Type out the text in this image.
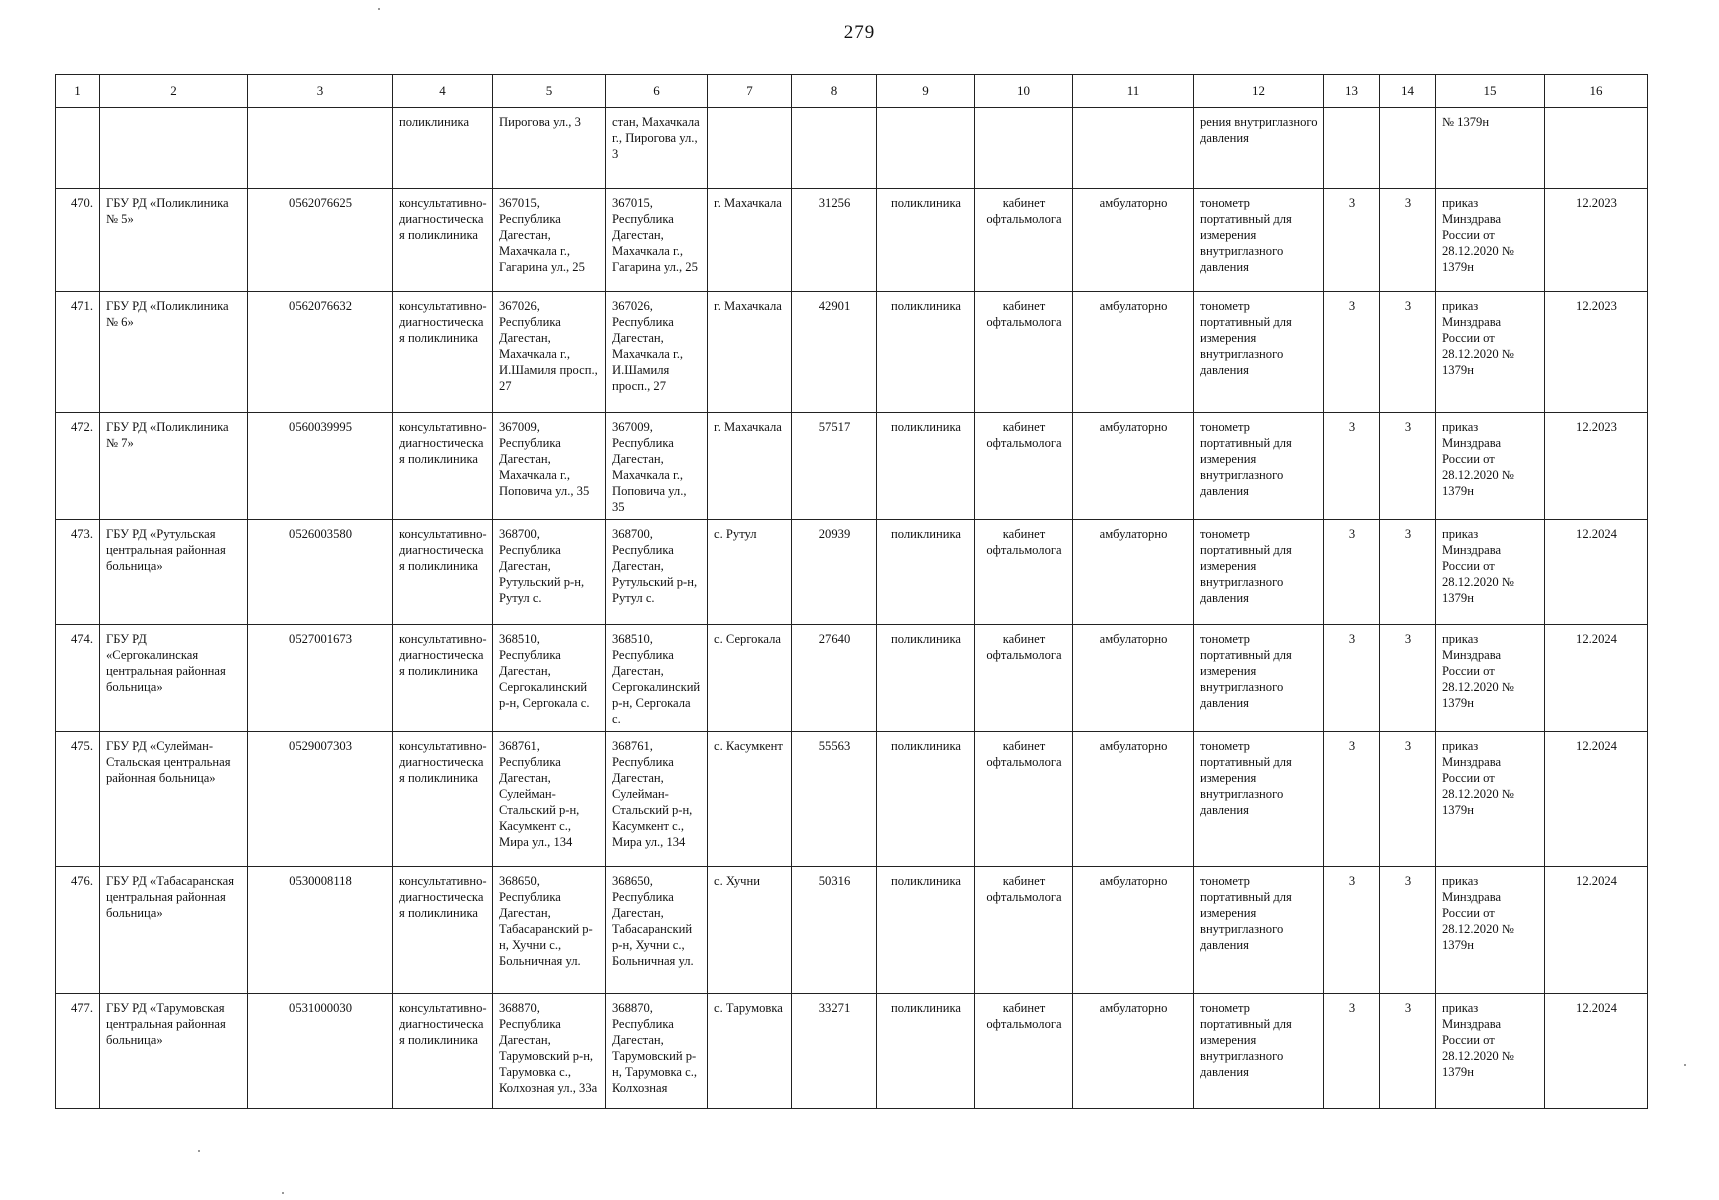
279
1	2	3	4	5	6	7	8	9	10	11	12	13	14	15	16
			поликлиника	Пирогова ул., 3	стан, Махачкала г., Пирогова ул., 3						рения внутриглазного давления			№ 1379н	
470.	ГБУ РД «Поликлиника № 5»	0562076625	консультативно-диагностическая поликлиника	367015, Республика Дагестан, Махачкала г., Гагарина ул., 25	367015, Республика Дагестан, Махачкала г., Гагарина ул., 25	г. Махачкала	31256	поликлиника	кабинет офтальмолога	амбулаторно	тонометр портативный для измерения внутриглазного давления	3	3	приказ Минздрава России от 28.12.2020 № 1379н	12.2023
471.	ГБУ РД «Поликлиника № 6»	0562076632	консультативно-диагностическая поликлиника	367026, Республика Дагестан, Махачкала г., И.Шамиля просп., 27	367026, Республика Дагестан, Махачкала г., И.Шамиля просп., 27	г. Махачкала	42901	поликлиника	кабинет офтальмолога	амбулаторно	тонометр портативный для измерения внутриглазного давления	3	3	приказ Минздрава России от 28.12.2020 № 1379н	12.2023
472.	ГБУ РД «Поликлиника № 7»	0560039995	консультативно-диагностическая поликлиника	367009, Республика Дагестан, Махачкала г., Поповича ул., 35	367009, Республика Дагестан, Махачкала г., Поповича ул., 35	г. Махачкала	57517	поликлиника	кабинет офтальмолога	амбулаторно	тонометр портативный для измерения внутриглазного давления	3	3	приказ Минздрава России от 28.12.2020 № 1379н	12.2023
473.	ГБУ РД «Рутульская центральная районная больница»	0526003580	консультативно-диагностическая поликлиника	368700, Республика Дагестан, Рутульский р-н, Рутул с.	368700, Республика Дагестан, Рутульский р-н, Рутул с.	с. Рутул	20939	поликлиника	кабинет офтальмолога	амбулаторно	тонометр портативный для измерения внутриглазного давления	3	3	приказ Минздрава России от 28.12.2020 № 1379н	12.2024
474.	ГБУ РД «Сергокалинская центральная районная больница»	0527001673	консультативно-диагностическая поликлиника	368510, Республика Дагестан, Сергокалинский р-н, Сергокала с.	368510, Республика Дагестан, Сергокалинский р-н, Сергокала с.	с. Сергокала	27640	поликлиника	кабинет офтальмолога	амбулаторно	тонометр портативный для измерения внутриглазного давления	3	3	приказ Минздрава России от 28.12.2020 № 1379н	12.2024
475.	ГБУ РД «Сулейман-Стальская центральная районная больница»	0529007303	консультативно-диагностическая поликлиника	368761, Республика Дагестан, Сулейман-Стальский р-н, Касумкент с., Мира ул., 134	368761, Республика Дагестан, Сулейман-Стальский р-н, Касумкент с., Мира ул., 134	с. Касумкент	55563	поликлиника	кабинет офтальмолога	амбулаторно	тонометр портативный для измерения внутриглазного давления	3	3	приказ Минздрава России от 28.12.2020 № 1379н	12.2024
476.	ГБУ РД «Табасаранская центральная районная больница»	0530008118	консультативно-диагностическая поликлиника	368650, Республика Дагестан, Табасаранский р-н, Хучни с., Больничная ул.	368650, Республика Дагестан, Табасаранский р-н, Хучни с., Больничная ул.	с. Хучни	50316	поликлиника	кабинет офтальмолога	амбулаторно	тонометр портативный для измерения внутриглазного давления	3	3	приказ Минздрава России от 28.12.2020 № 1379н	12.2024
477.	ГБУ РД «Тарумовская центральная районная больница»	0531000030	консультативно-диагностическая поликлиника	368870, Республика Дагестан, Тарумовский р-н, Тарумовка с., Колхозная ул., 33а	368870, Республика Дагестан, Тарумовский р-н, Тарумовка с., Колхозная	с. Тарумовка	33271	поликлиника	кабинет офтальмолога	амбулаторно	тонометр портативный для измерения внутриглазного давления	3	3	приказ Минздрава России от 28.12.2020 № 1379н	12.2024
